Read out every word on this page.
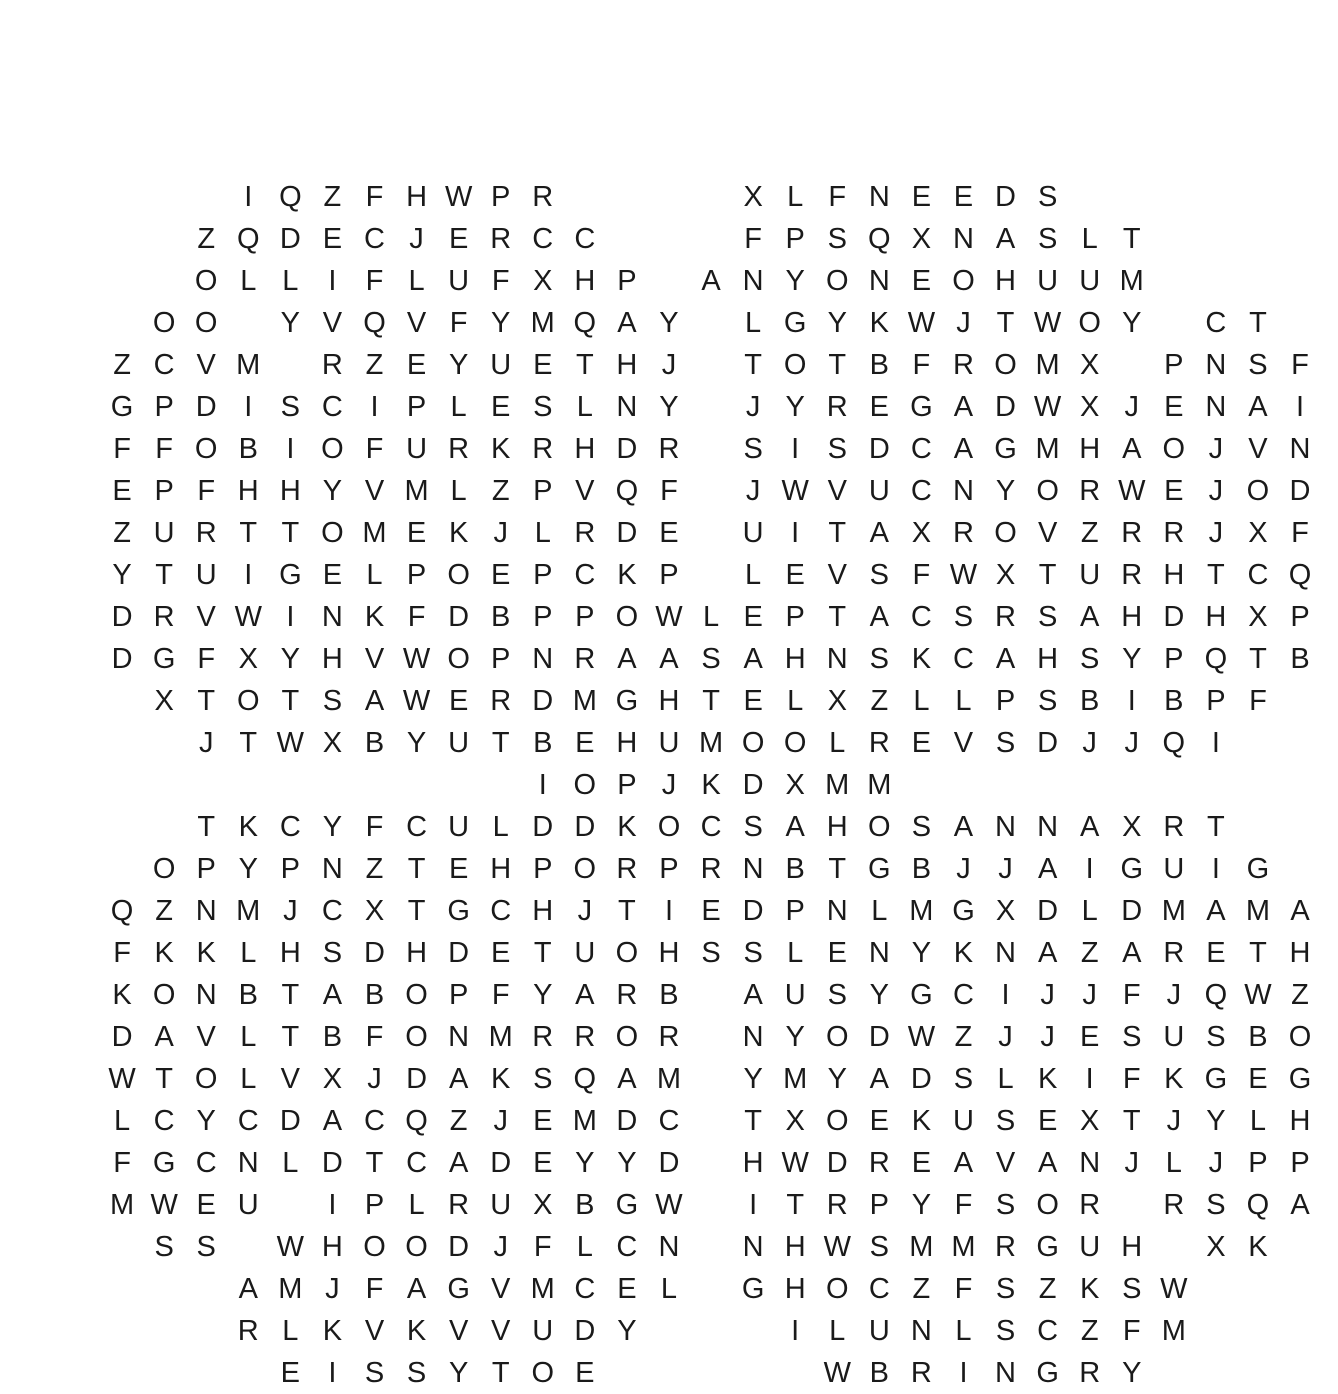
I Q Z F H W P R	X L F N E E D S
Z Q D E C J E R C C	F P S Q X N A S L T
O L L	I	F L U F X H P	A N Y O N E O H U U M
O O	Y V Q V F Y M Q A Y	L G Y K W J T W O Y	C T
Z C V M	R Z E Y U E T H J	T O T B F R O M X	P N S F
G P D I S C I P L E S L N Y	J Y R E G A D W X J E N A I
F F O B I O F U R K R H D R	S I S D C A G M H A O J V N
E P F H H Y V M L Z P V Q F	J W V U C N Y O R W E J O D
Z U R T T O M E K J L R D E	U I	T A X R O V Z R R J X F
Y T U I G E L P O E P C K P	L E V S F W X T U R H T C Q
D R V W I N K F D B P P O W L E P T A C S R S A H D H X P
D G F X Y H V W O P N R A A S A H N S K C A H S Y P Q T B
X T O T S A W E R D M G H T E L X Z L L P S B I B P F
J T W X B Y U T B E H U M O O L R E V S D J J Q I
I O P J K D X M M
T K C Y F C U L D D K O C S A H O S A N N A X R T
O P Y P N Z T E H P O R P R N B T G B J J A I G U I G
Q Z N M J C X T G C H J T	I E D P N L M G X D L D M A M A
F K K L H S D H D E T U O H S S L E N Y K N A Z A R E T H
K O N B T A B O P F Y A R B	A U S Y G C I	J J F J Q W Z
D A V L T B F O N M R R O R	N Y O D W Z J J E S U S B O
W T O L V X J D A K S Q A M	Y M Y A D S L K I	F K G E G
L C Y C D A C Q Z J E M D C	T X O E K U S E X T J Y L H
F G C N L D T C A D E Y Y D	H W D R E A V A N J L J P P
M W E U	I P L R U X B G W	I	T R P Y F S O R	R S Q A
S S	W H O O D J F L C N	N H W S M M R G U H	X K
A M J F A G V M C E L	G H O C Z F S Z K S W
R L K V K V V U D Y	I	L U N L S C Z F M
E I S S Y T O E	W B R I N G R Y
